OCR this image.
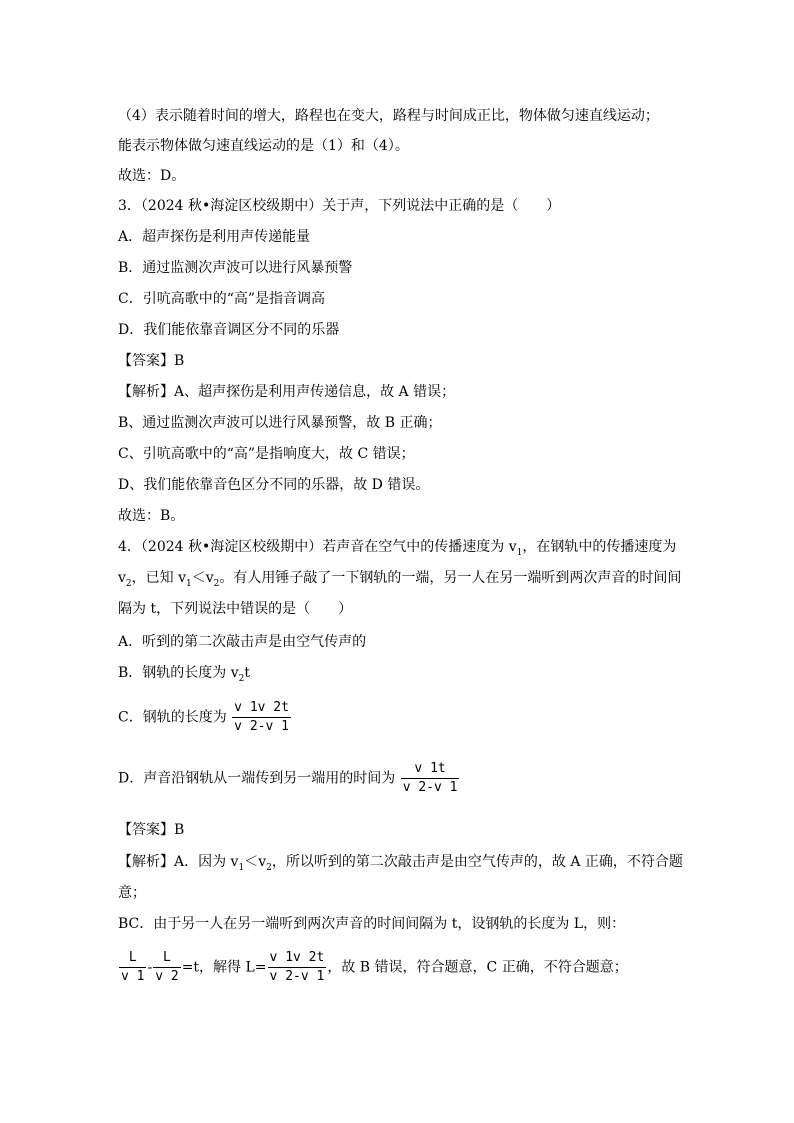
（4）表示随着时间的增大，路程也在变大，路程与时间成正比，物体做匀速直线运动；
能表示物体做匀速直线运动的是（1）和（4）。
故选：D。
3．（2024 秋•海淀区校级期中）关于声，下列说法中正确的是（　　）
A．超声探伤是利用声传递能量
B．通过监测次声波可以进行风暴预警
C．引吭高歌中的“高”是指音调高
D．我们能依靠音调区分不同的乐器
【答案】B
【解析】A、超声探伤是利用声传递信息，故 A 错误；
B、通过监测次声波可以进行风暴预警，故 B 正确；
C、引吭高歌中的“高”是指响度大，故 C 错误；
D、我们能依靠音色区分不同的乐器，故 D 错误。
故选：B。
4．（2024 秋•海淀区校级期中）若声音在空气中的传播速度为 $v_1$，在钢轨中的传播速度为
$v_2$，已知 $v_1<v_2$。有人用锤子敲了一下钢轨的一端，另一人在另一端听到两次声音的时间间
隔为 t，下列说法中错误的是（　　）
A．听到的第二次敲击声是由空气传声的
B．钢轨的长度为 $v_2t$
C．钢轨的长度为 $\frac{v 1v 2t}{v 2-v 1}$
D．声音沿钢轨从一端传到另一端用的时间为 $\frac{v 1t}{v 2-v 1}$
【答案】B
【解析】A．因为 $v_1<v_2$，所以听到的第二次敲击声是由空气传声的，故 A 正确，不符合题
意；
BC．由于另一人在另一端听到两次声音的时间间隔为 t，设钢轨的长度为 L，则：
$\frac{L}{v 1} - \frac{L}{v 2} =t$，解得 $L= \frac{v 1v 2t}{v 2-v 1}$ ，故 B 错误，符合题意，C 正确，不符合题意；
